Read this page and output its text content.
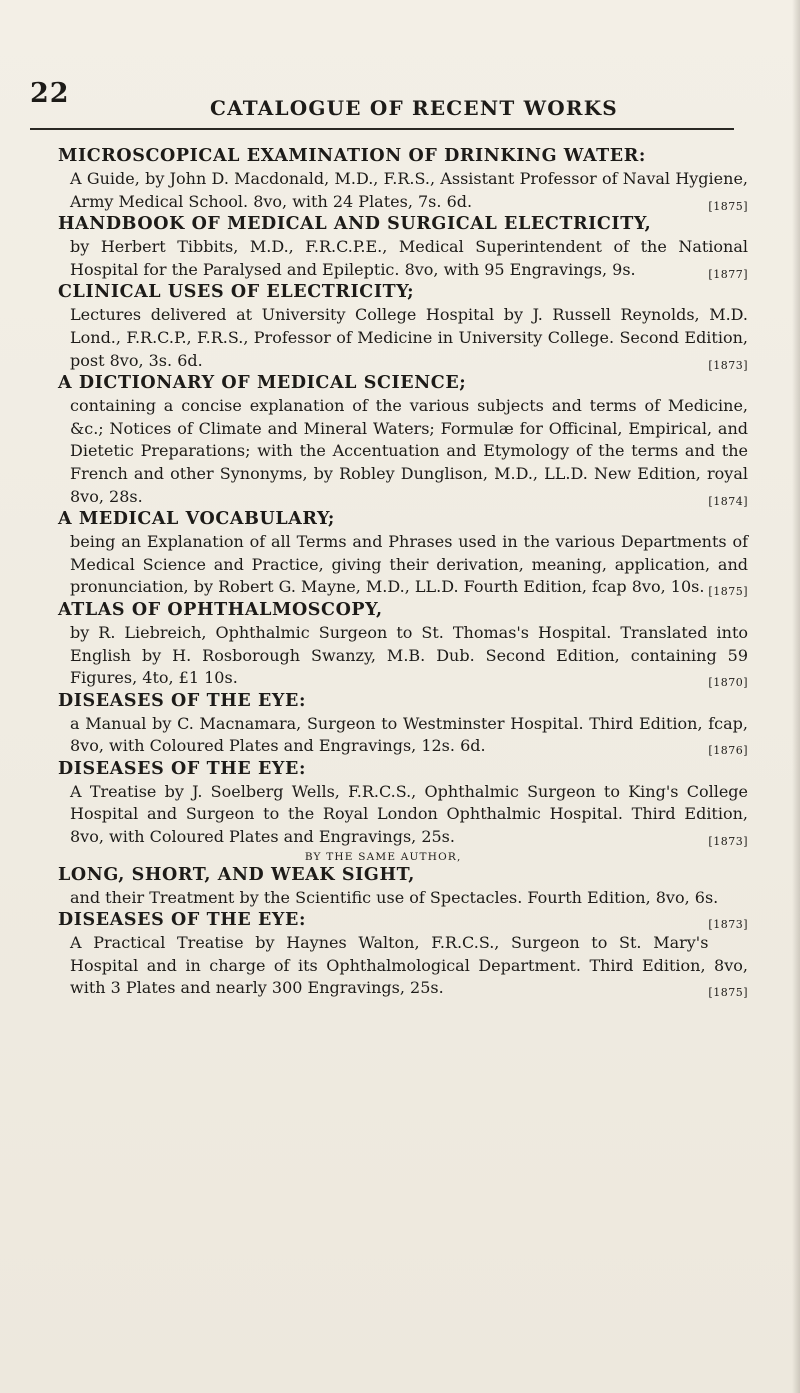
22	CATALOGUE OF RECENT WORKS
MICROSCOPICAL EXAMINATION OF DRINKING WATER:
A Guide, by John D. Macdonald, M.D., F.R.S., Assistant Professor of Naval Hygiene, Army Medical School. 8vo, with 24 Plates, 7s. 6d.	[1875]
HANDBOOK OF MEDICAL AND SURGICAL ELECTRICITY,
by Herbert Tibbits, M.D., F.R.C.P.E., Medical Superintendent of the National Hospital for the Paralysed and Epileptic. 8vo, with 95 Engravings, 9s.	[1877]
CLINICAL USES OF ELECTRICITY;
Lectures delivered at University College Hospital by J. Russell Reynolds, M.D. Lond., F.R.C.P., F.R.S., Professor of Medicine in University College. Second Edition, post 8vo, 3s. 6d.	[1873]
A DICTIONARY OF MEDICAL SCIENCE;
containing a concise explanation of the various subjects and terms of Medicine, &c.; Notices of Climate and Mineral Waters; Formulæ for Officinal, Empirical, and Dietetic Preparations; with the Accentuation and Etymology of the terms and the French and other Synonyms, by Robley Dunglison, M.D., LL.D. New Edition, royal 8vo, 28s.	[1874]
A MEDICAL VOCABULARY;
being an Explanation of all Terms and Phrases used in the various Departments of Medical Science and Practice, giving their derivation, meaning, application, and pronunciation, by Robert G. Mayne, M.D., LL.D. Fourth Edition, fcap 8vo, 10s. [1875]
ATLAS OF OPHTHALMOSCOPY,
by R. Liebreich, Ophthalmic Surgeon to St. Thomas's Hospital. Translated into English by H. Rosborough Swanzy, M.B. Dub. Second Edition, containing 59 Figures, 4to, £1 10s.	[1870]
DISEASES OF THE EYE:
a Manual by C. Macnamara, Surgeon to Westminster Hospital. Third Edition, fcap, 8vo, with Coloured Plates and Engravings, 12s. 6d.	[1876]
DISEASES OF THE EYE:
A Treatise by J. Soelberg Wells, F.R.C.S., Ophthalmic Surgeon to King's College Hospital and Surgeon to the Royal London Ophthalmic Hospital. Third Edition, 8vo, with Coloured Plates and Engravings, 25s.	[1873]
BY THE SAME AUTHOR,
LONG, SHORT, AND WEAK SIGHT,
and their Treatment by the Scientific use of Spectacles. Fourth Edition, 8vo, 6s.
[1873]
DISEASES OF THE EYE:
A Practical Treatise by Haynes Walton, F.R.C.S., Surgeon to St. Mary's Hospital and in charge of its Ophthalmological Department. Third Edition, 8vo, with 3 Plates and nearly 300 Engravings, 25s.	[1875]
